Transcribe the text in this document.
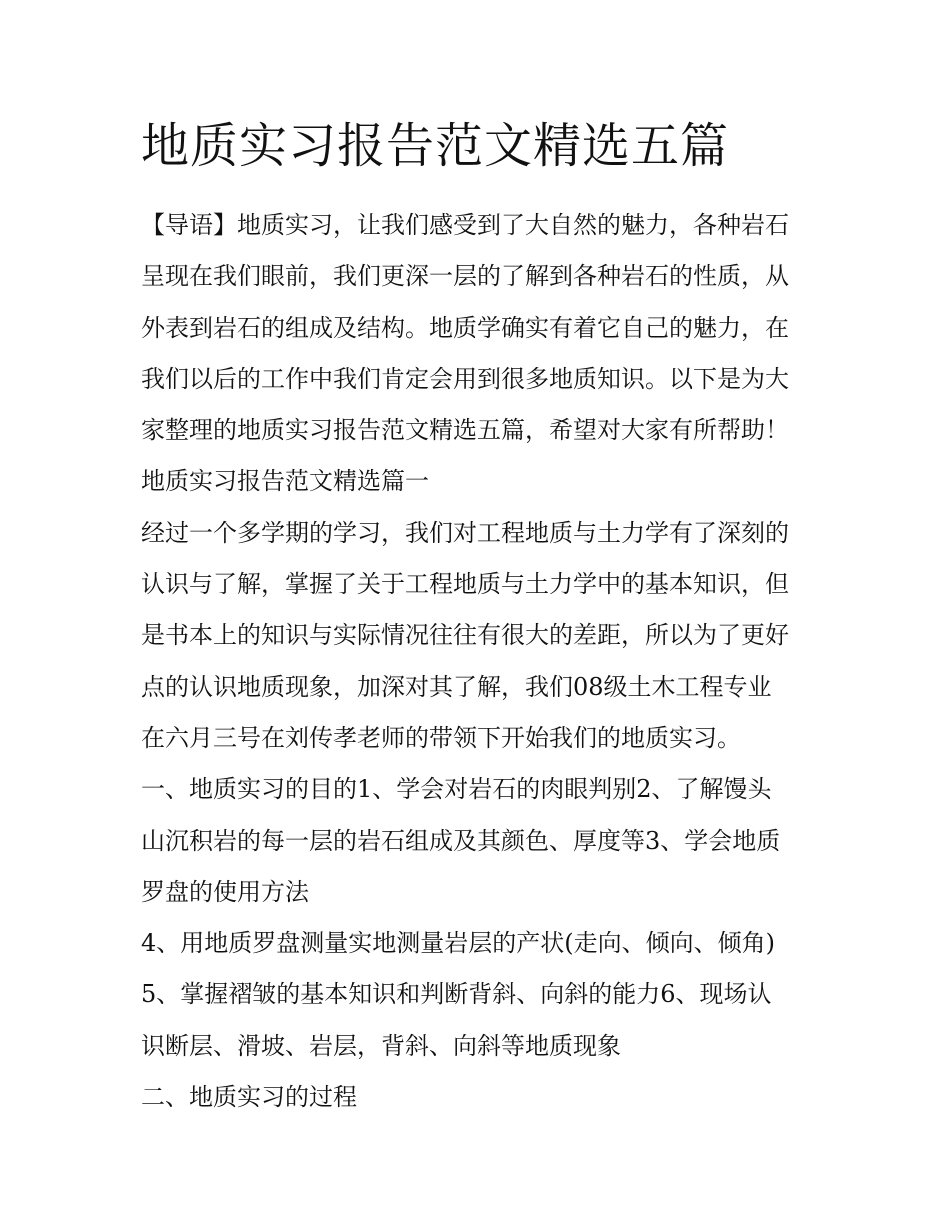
地质实习报告范文精选五篇
【导语】地质实习，让我们感受到了大自然的魅力，各种岩石
呈现在我们眼前，我们更深一层的了解到各种岩石的性质，从
外表到岩石的组成及结构。地质学确实有着它自己的魅力，在
我们以后的工作中我们肯定会用到很多地质知识。以下是为大
家整理的地质实习报告范文精选五篇，希望对大家有所帮助！
地质实习报告范文精选篇一
经过一个多学期的学习，我们对工程地质与土力学有了深刻的
认识与了解，掌握了关于工程地质与土力学中的基本知识，但
是书本上的知识与实际情况往往有很大的差距，所以为了更好
点的认识地质现象，加深对其了解，我们08级土木工程专业
在六月三号在刘传孝老师的带领下开始我们的地质实习。
一、地质实习的目的1、学会对岩石的肉眼判别2、了解馒头
山沉积岩的每一层的岩石组成及其颜色、厚度等3、学会地质
罗盘的使用方法
4、用地质罗盘测量实地测量岩层的产状(走向、倾向、倾角)
5、掌握褶皱的基本知识和判断背斜、向斜的能力6、现场认
识断层、滑坡、岩层，背斜、向斜等地质现象
二、地质实习的过程
